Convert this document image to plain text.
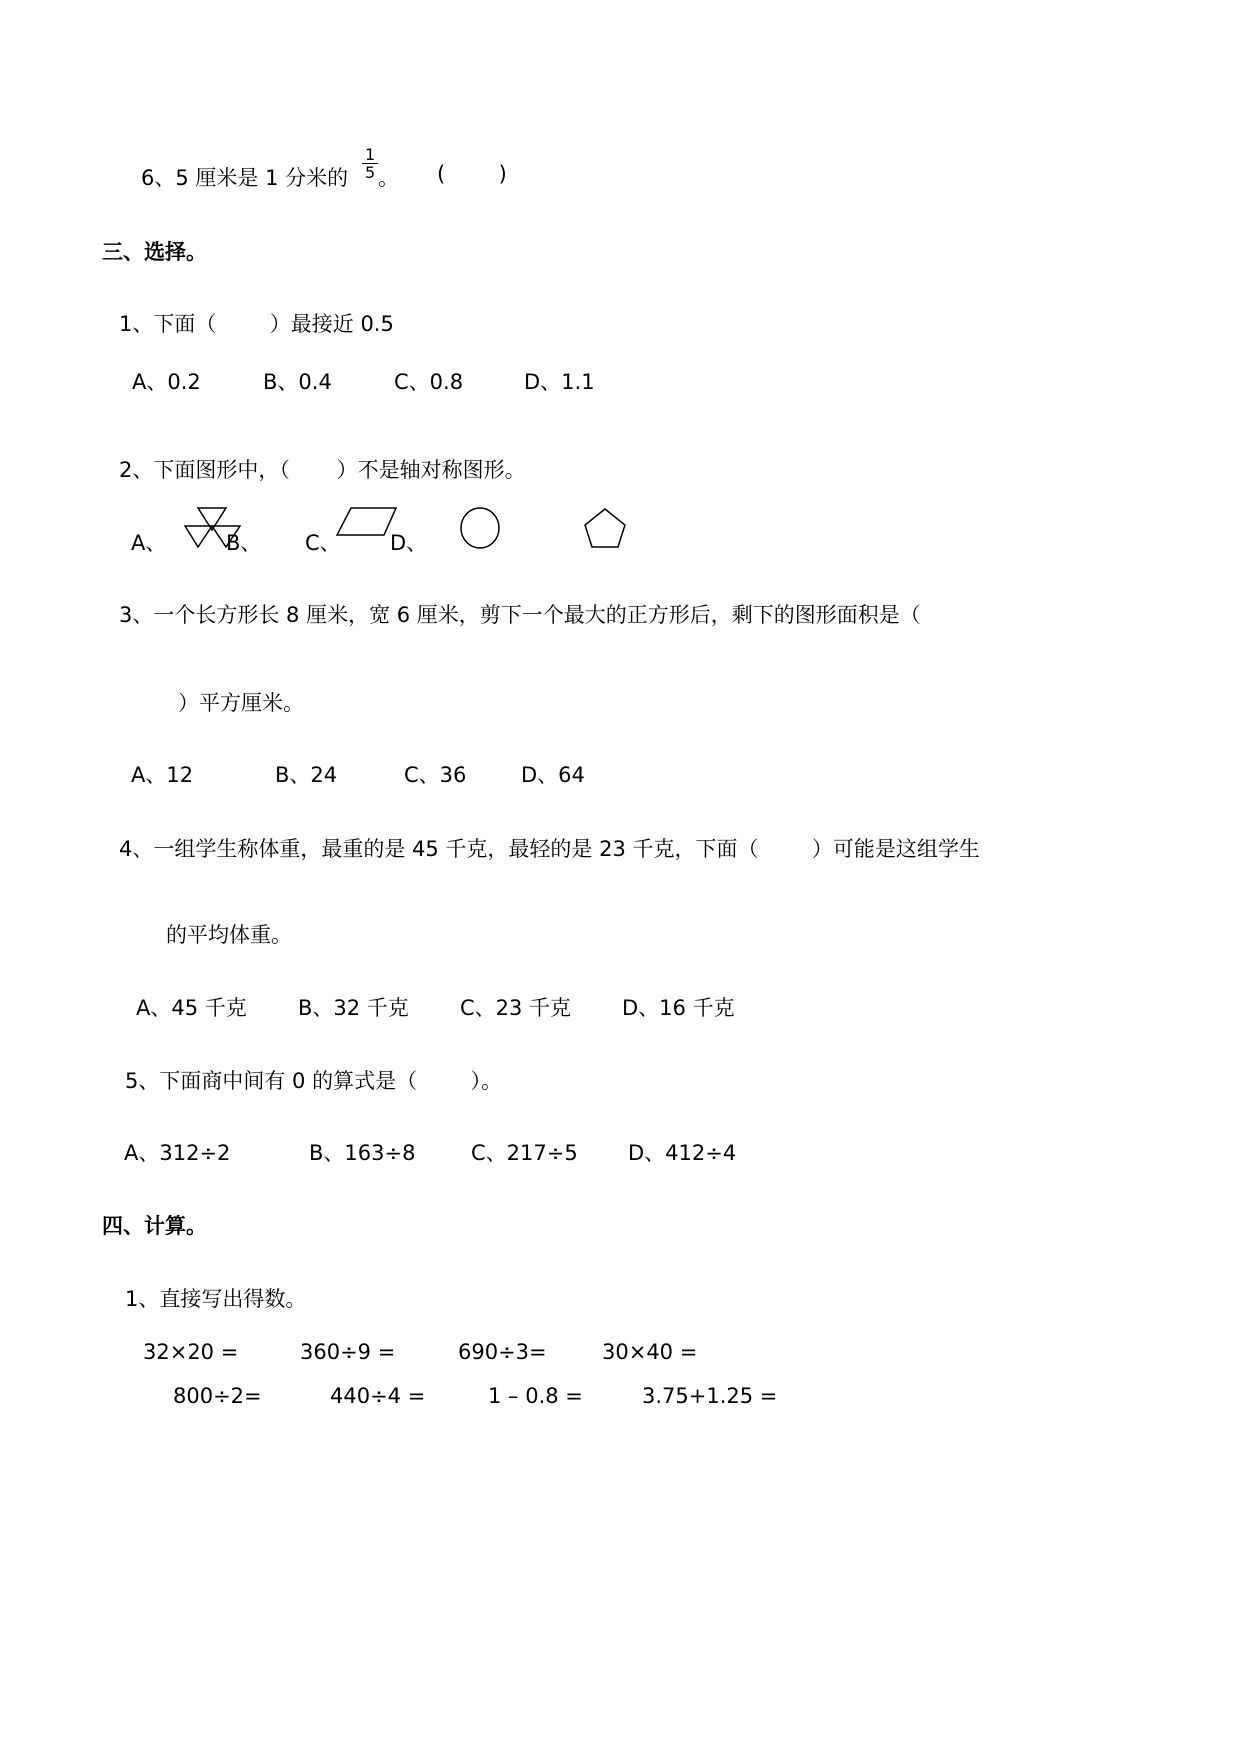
6、5 厘米是 1 分米的 $\frac{1}{5}$ 。 (        )
三、选择。
1、下面（        ）最接近 0.5
A、0.2	B、0.4	C、0.8	D、1.1
2、下面图形中，（       ）不是轴对称图形。
A、	B、 C、 D、
3、一个长方形长 8 厘米，宽 6 厘米，剪下一个最大的正方形后，剩下的图形面积是（
）平方厘米。
A、12	B、24	C、36	D、64
4、一组学生称体重，最重的是 45 千克，最轻的是 23 千克，下面（        ）可能是这组学生
的平均体重。
A、45 千克 B、32 千克 C、23 千克 D、16 千克
5、下面商中间有 0 的算式是（        ）。
A、312÷2	B、163÷8	C、217÷5 D、412÷4
四、计算。
1、直接写出得数。
32×20 =	360÷9 =	690÷3=	30×40 =
800÷2=	440÷4 =	1 – 0.8 =	3.75+1.25 =
